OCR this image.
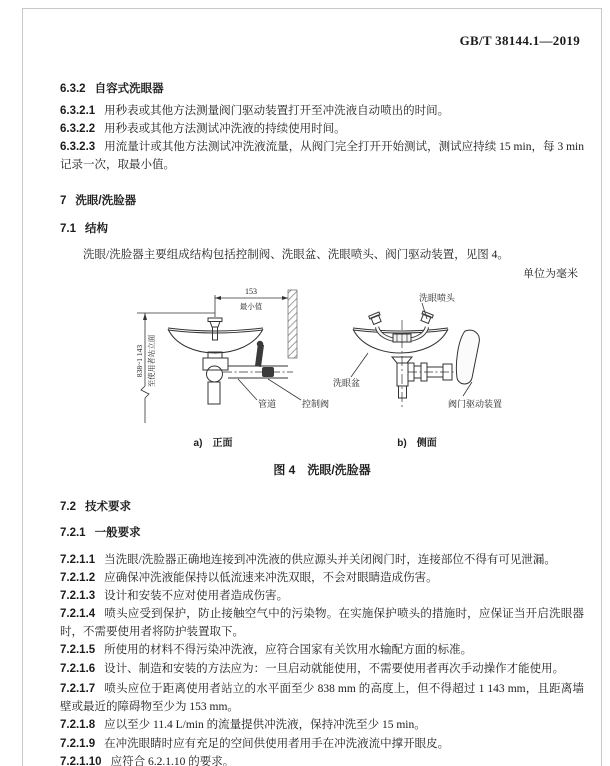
GB/T 38144.1—2019
6.3.2 自容式洗眼器
6.3.2.1 用秒表或其他方法测量阀门驱动装置打开至冲洗液自动喷出的时间。
6.3.2.2 用秒表或其他方法测试冲洗液的持续使用时间。
6.3.2.3 用流量计或其他方法测试冲洗液流量，从阀门完全打开开始测试，测试应持续 15 min，每 3 min 记录一次，取最小值。
7 洗眼/洗脸器
7.1 结构
洗眼/洗脸器主要组成结构包括控制阀、洗眼盆、洗眼喷头、阀门驱动装置，见图 4。
单位为毫米
153
最小值
838~1 143 至使用者站立面
管道	控制阀
a)　正面
洗眼喷头
洗眼盆
阀门驱动装置
b)　侧面
图 4　洗眼/洗脸器
7.2 技术要求
7.2.1 一般要求
7.2.1.1 当洗眼/洗脸器正确地连接到冲洗液的供应源头并关闭阀门时，连接部位不得有可见泄漏。
7.2.1.2 应确保冲洗液能保持以低流速来冲洗双眼，不会对眼睛造成伤害。
7.2.1.3 设计和安装不应对使用者造成伤害。
7.2.1.4 喷头应受到保护，防止接触空气中的污染物。在实施保护喷头的措施时，应保证当开启洗眼器时，不需要使用者将防护装置取下。
7.2.1.5 所使用的材料不得污染冲洗液，应符合国家有关饮用水输配方面的标准。
7.2.1.6 设计、制造和安装的方法应为：一旦启动就能使用，不需要使用者再次手动操作才能使用。
7.2.1.7 喷头应位于距离使用者站立的水平面至少 838 mm 的高度上，但不得超过 1 143 mm，且距离墙壁或最近的障碍物至少为 153 mm。
7.2.1.8 应以至少 11.4 L/min 的流量提供冲洗液，保持冲洗至少 15 min。
7.2.1.9 在冲洗眼睛时应有充足的空间供使用者用手在冲洗液流中撑开眼皮。
7.2.1.10 应符合 6.2.1.10 的要求。
